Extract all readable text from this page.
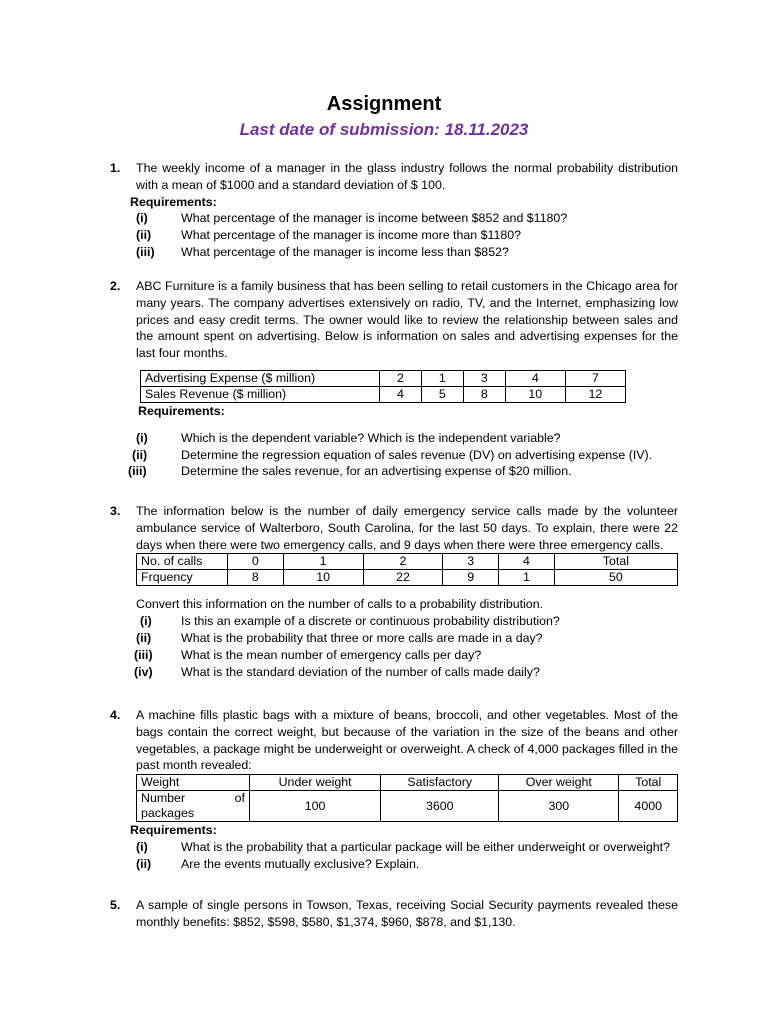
Assignment
Last date of submission: 18.11.2023
1. The weekly income of a manager in the glass industry follows the normal probability distribution with a mean of $1000 and a standard deviation of $ 100.
Requirements:
(i)	What percentage of the manager is income between $852 and $1180?
(ii) What percentage of the manager is income more than $1180?
(iii) What percentage of the manager is income less than $852?
2. ABC Furniture is a family business that has been selling to retail customers in the Chicago area for many years. The company advertises extensively on radio, TV, and the Internet, emphasizing low prices and easy credit terms. The owner would like to review the relationship between sales and the amount spent on advertising. Below is information on sales and advertising expenses for the last four months.
Advertising Expense ($ million)	2	1	3	4	7
Sales Revenue ($ million)	4	5	8	10	12
Requirements:
(i)	Which is the dependent variable? Which is the independent variable?
(ii)	Determine the regression equation of sales revenue (DV) on advertising expense (IV).
(iii)	Determine the sales revenue, for an advertising expense of $20 million.
3. The information below is the number of daily emergency service calls made by the volunteer ambulance service of Walterboro, South Carolina, for the last 50 days. To explain, there were 22 days when there were two emergency calls, and 9 days when there were three emergency calls.
No. of calls	0	1	2	3	4	Total
Frquency	8	10	22	9	1	50
Convert this information on the number of calls to a probability distribution.
(i) Is this an example of a discrete or continuous probability distribution?
(ii) What is the probability that three or more calls are made in a day?
(iii) What is the mean number of emergency calls per day?
(iv) What is the standard deviation of the number of calls made daily?
4. A machine fills plastic bags with a mixture of beans, broccoli, and other vegetables. Most of the bags contain the correct weight, but because of the variation in the size of the beans and other vegetables, a package might be underweight or overweight. A check of 4,000 packages filled in the past month revealed:
Weight	Under weight	Satisfactory	Over weight	Total

Number of
packages	100	3600	300	4000
Requirements:
(i)	What is the probability that a particular package will be either underweight or overweight?
(ii) Are the events mutually exclusive? Explain.
5. A sample of single persons in Towson, Texas, receiving Social Security payments revealed these monthly benefits: $852, $598, $580, $1,374, $960, $878, and $1,130.
